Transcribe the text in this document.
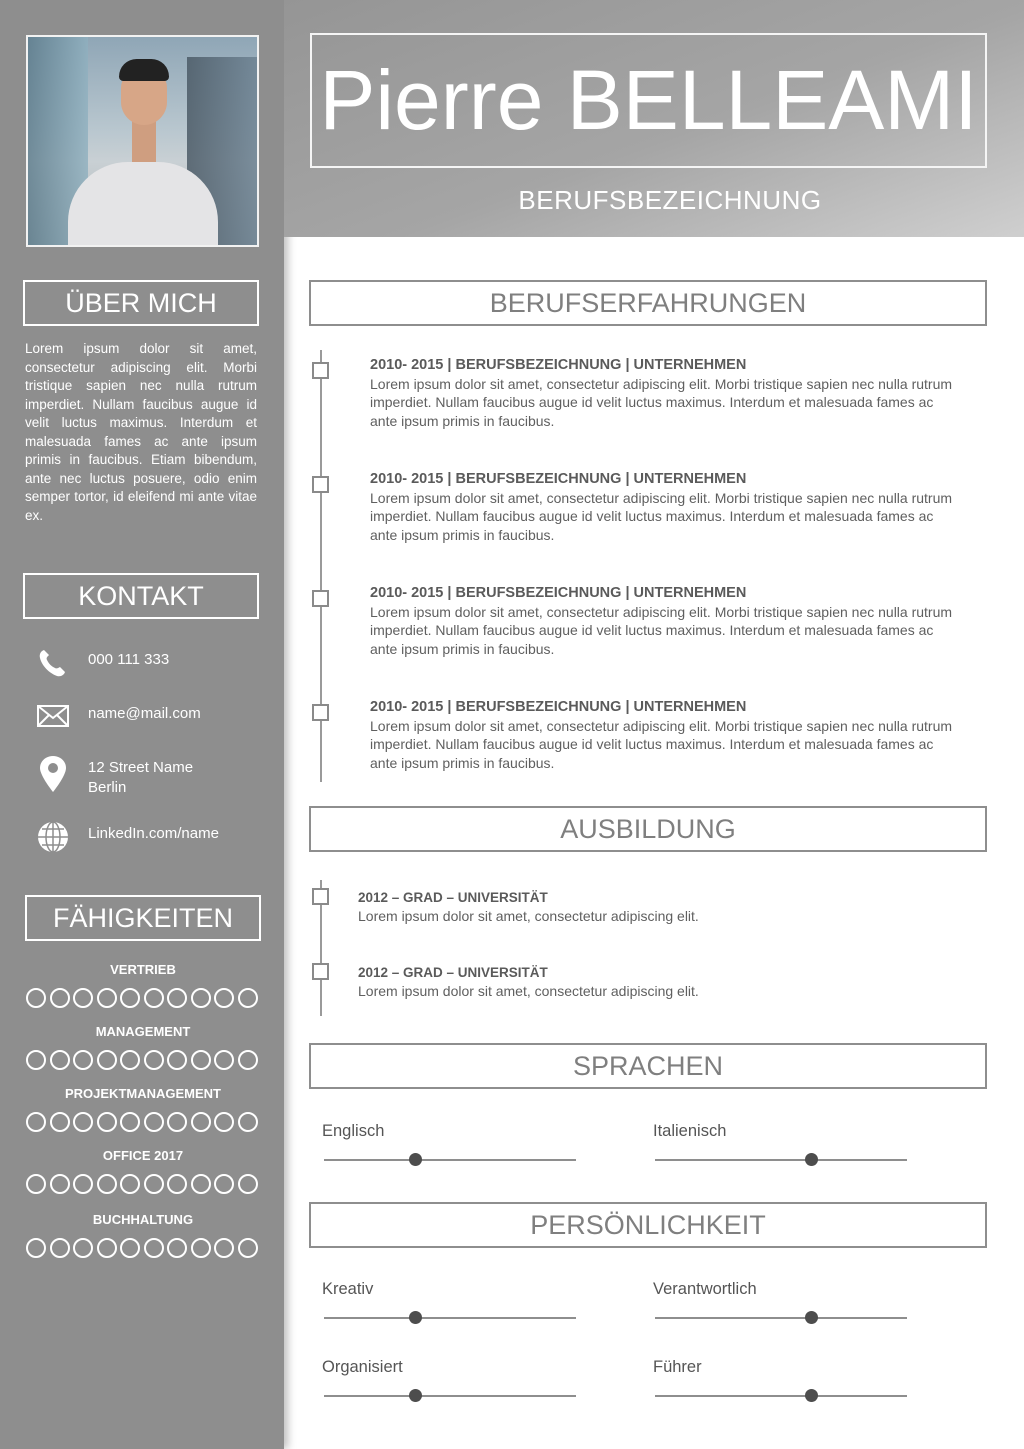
ÜBER MICH
Lorem ipsum dolor sit amet, consectetur adipiscing elit. Morbi tristique sapien nec nulla rutrum imperdiet. Nullam faucibus augue id velit luctus maximus. Interdum et malesuada fames ac ante ipsum primis in faucibus. Etiam bibendum, ante nec luctus posuere, odio enim semper tortor, id eleifend mi ante vitae ex.
KONTAKT
000 111 333
name@mail.com
12 Street Name
Berlin
LinkedIn.com/name
FÄHIGKEITEN
VERTRIEB
MANAGEMENT
PROJEKTMANAGEMENT
OFFICE 2017
BUCHHALTUNG
Pierre BELLEAMI
BERUFSBEZEICHNUNG
BERUFSERFAHRUNGEN
2010- 2015 | BERUFSBEZEICHNUNG | UNTERNEHMEN
Lorem ipsum dolor sit amet, consectetur adipiscing elit. Morbi tristique sapien nec nulla rutrum imperdiet. Nullam faucibus augue id velit luctus maximus. Interdum et malesuada fames ac ante ipsum primis in faucibus.
2010- 2015 | BERUFSBEZEICHNUNG | UNTERNEHMEN
Lorem ipsum dolor sit amet, consectetur adipiscing elit. Morbi tristique sapien nec nulla rutrum imperdiet. Nullam faucibus augue id velit luctus maximus. Interdum et malesuada fames ac ante ipsum primis in faucibus.
2010- 2015 | BERUFSBEZEICHNUNG | UNTERNEHMEN
Lorem ipsum dolor sit amet, consectetur adipiscing elit. Morbi tristique sapien nec nulla rutrum imperdiet. Nullam faucibus augue id velit luctus maximus. Interdum et malesuada fames ac ante ipsum primis in faucibus.
2010- 2015 | BERUFSBEZEICHNUNG | UNTERNEHMEN
Lorem ipsum dolor sit amet, consectetur adipiscing elit. Morbi tristique sapien nec nulla rutrum imperdiet. Nullam faucibus augue id velit luctus maximus. Interdum et malesuada fames ac ante ipsum primis in faucibus.
AUSBILDUNG
2012 – GRAD – UNIVERSITÄT
Lorem ipsum dolor sit amet, consectetur adipiscing elit.
2012 – GRAD – UNIVERSITÄT
Lorem ipsum dolor sit amet, consectetur adipiscing elit.
SPRACHEN
Englisch	Italienisch
PERSÖNLICHKEIT
Kreativ	Verantwortlich
Organisiert	Führer
